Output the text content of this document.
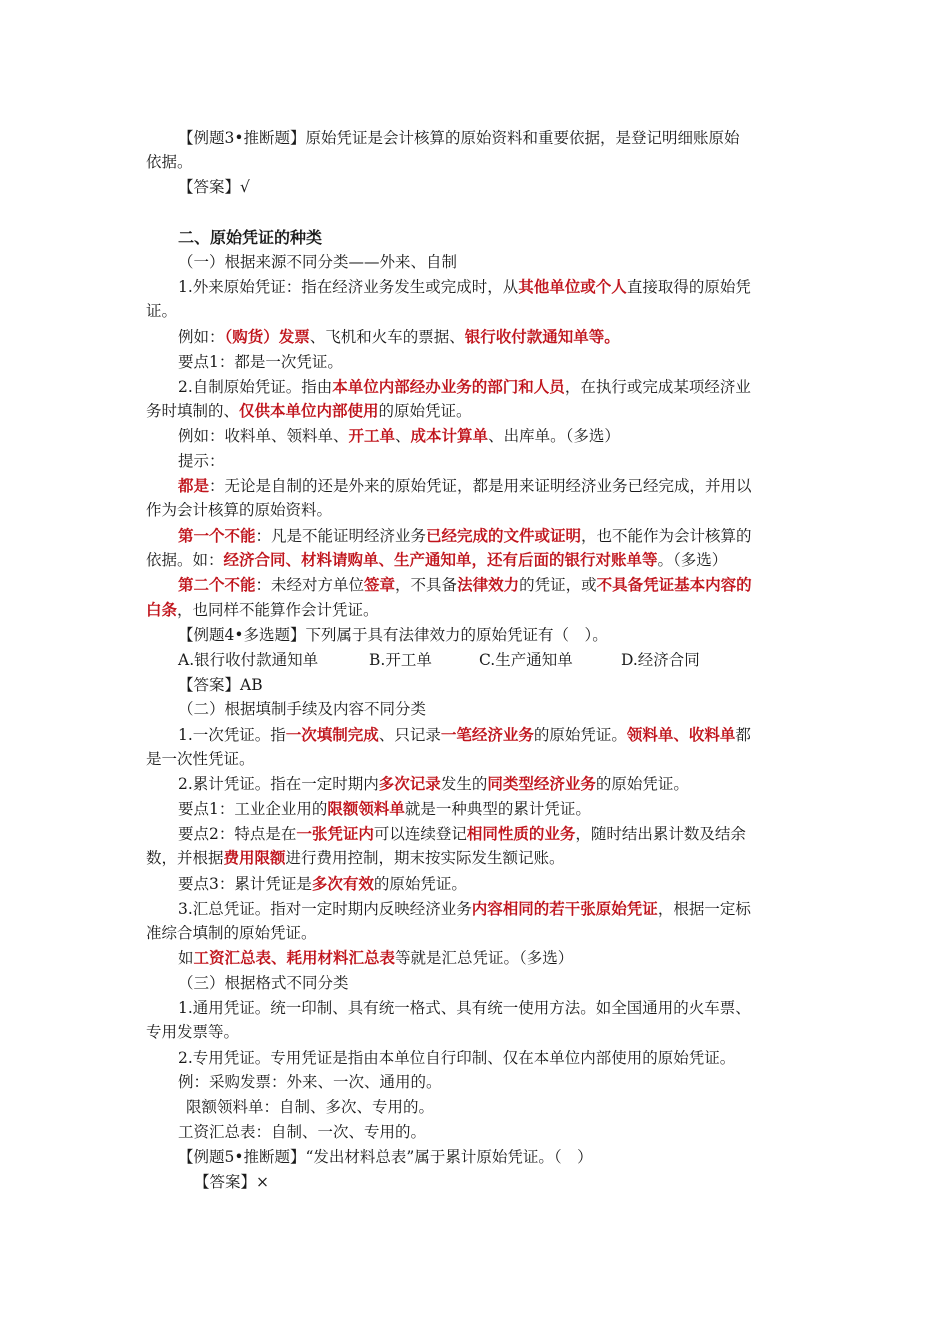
【例题3•推断题】原始凭证是会计核算的原始资料和重要依据，是登记明细账原始
依据。
【答案】√
二、原始凭证的种类
（一）根据来源不同分类——外来、自制
1.外来原始凭证：指在经济业务发生或完成时，从其他单位或个人直接取得的原始凭
证。
例如：（购货）发票、飞机和火车的票据、银行收付款通知单等。
要点1：都是一次凭证。
2.自制原始凭证。指由本单位内部经办业务的部门和人员，在执行或完成某项经济业
务时填制的、仅供本单位内部使用的原始凭证。
例如：收料单、领料单、开工单、成本计算单、出库单。（多选）
提示：
都是：无论是自制的还是外来的原始凭证，都是用来证明经济业务已经完成，并用以
作为会计核算的原始资料。
第一个不能：凡是不能证明经济业务已经完成的文件或证明，也不能作为会计核算的
依据。如：经济合同、材料请购单、生产通知单，还有后面的银行对账单等。（多选）
第二个不能：未经对方单位签章，不具备法律效力的凭证，或不具备凭证基本内容的
白条，也同样不能算作会计凭证。
【例题4•多选题】下列属于具有法律效力的原始凭证有（　）。
A.银行收付款通知单	B.开工单	C.生产通知单	D.经济合同
【答案】AB
（二）根据填制手续及内容不同分类
1.一次凭证。指一次填制完成、只记录一笔经济业务的原始凭证。领料单、收料单都
是一次性凭证。
2.累计凭证。指在一定时期内多次记录发生的同类型经济业务的原始凭证。
要点1：工业企业用的限额领料单就是一种典型的累计凭证。
要点2：特点是在一张凭证内可以连续登记相同性质的业务，随时结出累计数及结余
数，并根据费用限额进行费用控制，期末按实际发生额记账。
要点3：累计凭证是多次有效的原始凭证。
3.汇总凭证。指对一定时期内反映经济业务内容相同的若干张原始凭证，根据一定标
准综合填制的原始凭证。
如工资汇总表、耗用材料汇总表等就是汇总凭证。（多选）
（三）根据格式不同分类
1.通用凭证。统一印制、具有统一格式、具有统一使用方法。如全国通用的火车票、
专用发票等。
2.专用凭证。专用凭证是指由本单位自行印制、仅在本单位内部使用的原始凭证。
例：采购发票：外来、一次、通用的。
限额领料单：自制、多次、专用的。
工资汇总表：自制、一次、专用的。
【例题5•推断题】“发出材料总表”属于累计原始凭证。（　）
【答案】×
